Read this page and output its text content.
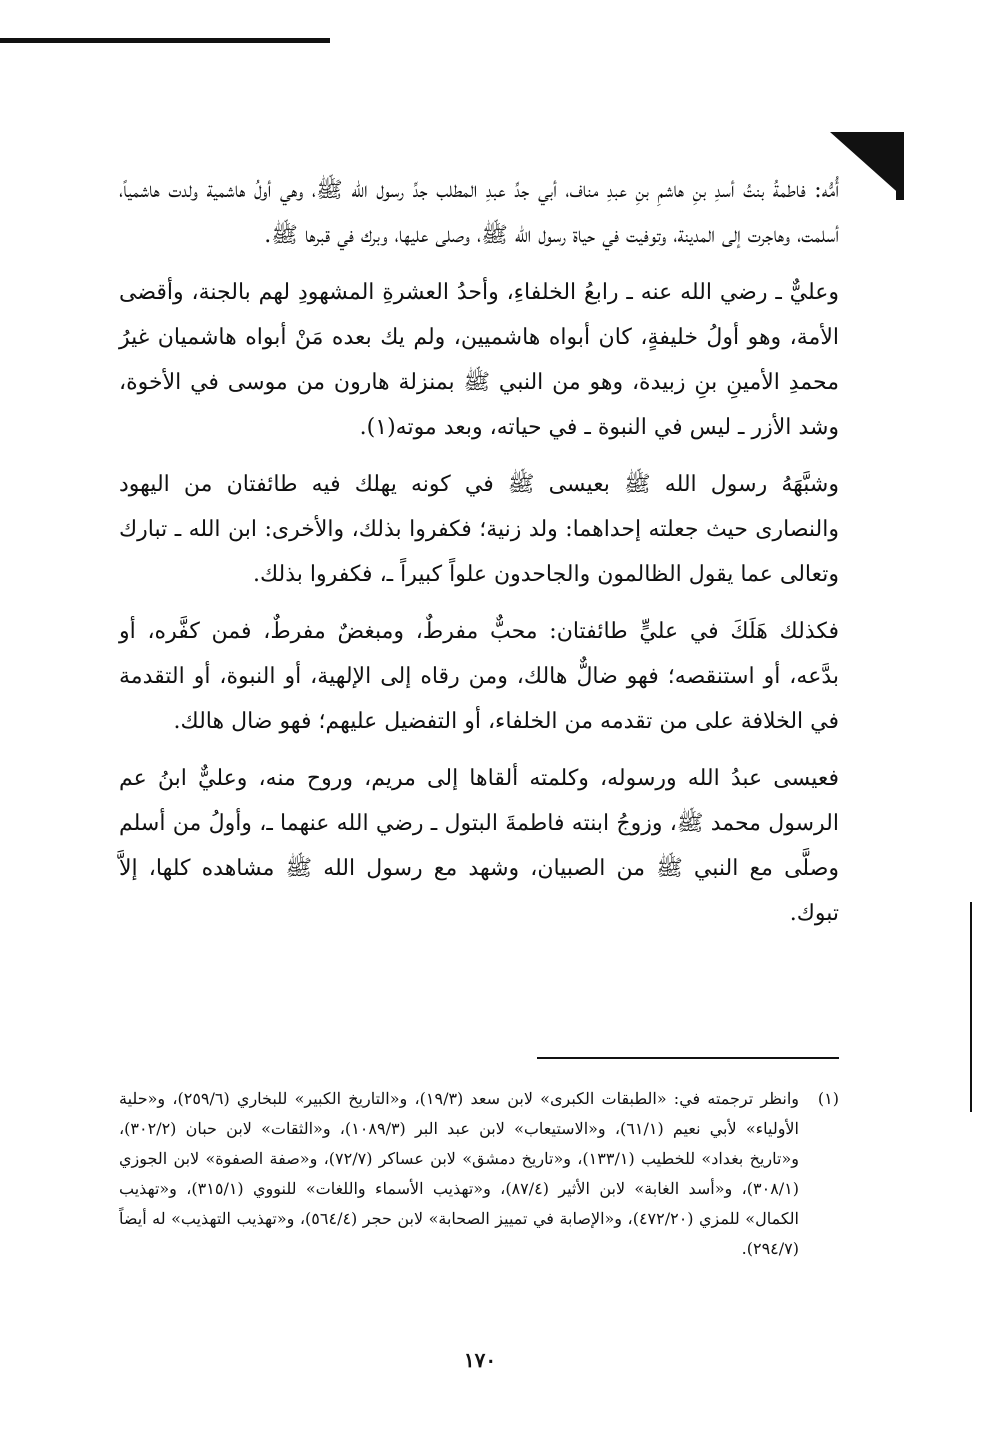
أُمُّه: فاطمةُ بنتُ أسدِ بنِ هاشمِ بنِ عبدِ مناف، أبي جدِّ عبدِ المطلب جدِّ رسول الله ﷺ، وهي أولُ هاشمية ولدت هاشمياً، أسلمت، وهاجرت إلى المدينة، وتوفيت في حياة رسول الله ﷺ، وصلى عليها، وبرك في قبرها ﷺ.

وعليٌّ ـ رضي الله عنه ـ رابعُ الخلفاءِ، وأحدُ العشرةِ المشهودِ لهم بالجنة، وأقضى الأمة، وهو أولُ خليفةٍ، كان أبواه هاشميين، ولم يك بعده مَنْ أبواه هاشميان غيرُ محمدِ الأمينِ بنِ زبيدة، وهو من النبي ﷺ بمنزلة هارون من موسى في الأخوة، وشد الأزر ـ ليس في النبوة ـ في حياته، وبعد موته(١).

وشبَّهَهُ رسول الله ﷺ بعيسى ﷺ في كونه يهلك فيه طائفتان من اليهود والنصارى حيث جعلته إحداهما: ولد زنية؛ فكفروا بذلك، والأخرى: ابن الله ـ تبارك وتعالى عما يقول الظالمون والجاحدون علواً كبيراً ـ، فكفروا بذلك.

فكذلك هَلَكَ في عليٍّ طائفتان: محبٌّ مفرطٌ، ومبغضٌ مفرطٌ، فمن كفَّره، أو بدَّعه، أو استنقصه؛ فهو ضالٌّ هالك، ومن رقاه إلى الإلهية، أو النبوة، أو التقدمة في الخلافة على من تقدمه من الخلفاء، أو التفضيل عليهم؛ فهو ضال هالك.

فعيسى عبدُ الله ورسوله، وكلمته ألقاها إلى مريم، وروح منه، وعليٌّ ابنُ عم الرسول محمد ﷺ، وزوجُ ابنته فاطمةَ البتول ـ رضي الله عنهما ـ، وأولُ من أسلم وصلَّى مع النبي ﷺ من الصبيان، وشهد مع رسول الله ﷺ مشاهده كلها، إلاَّ تبوك.

(١)
وانظر ترجمته في: «الطبقات الكبرى» لابن سعد (١٩/٣)، و«التاريخ الكبير» للبخاري (٢٥٩/٦)، و«حلية الأولياء» لأبي نعيم (٦١/١)، و«الاستيعاب» لابن عبد البر (١٠٨٩/٣)، و«الثقات» لابن حبان (٣٠٢/٢)، و«تاريخ بغداد» للخطيب (١٣٣/١)، و«تاريخ دمشق» لابن عساكر (٧٢/٧)، و«صفة الصفوة» لابن الجوزي (٣٠٨/١)، و«أسد الغابة» لابن الأثير (٨٧/٤)، و«تهذيب الأسماء واللغات» للنووي (٣١٥/١)، و«تهذيب الكمال» للمزي (٤٧٢/٢٠)، و«الإصابة في تمييز الصحابة» لابن حجر (٥٦٤/٤)، و«تهذيب التهذيب» له أيضاً (٢٩٤/٧).
١٧٠
